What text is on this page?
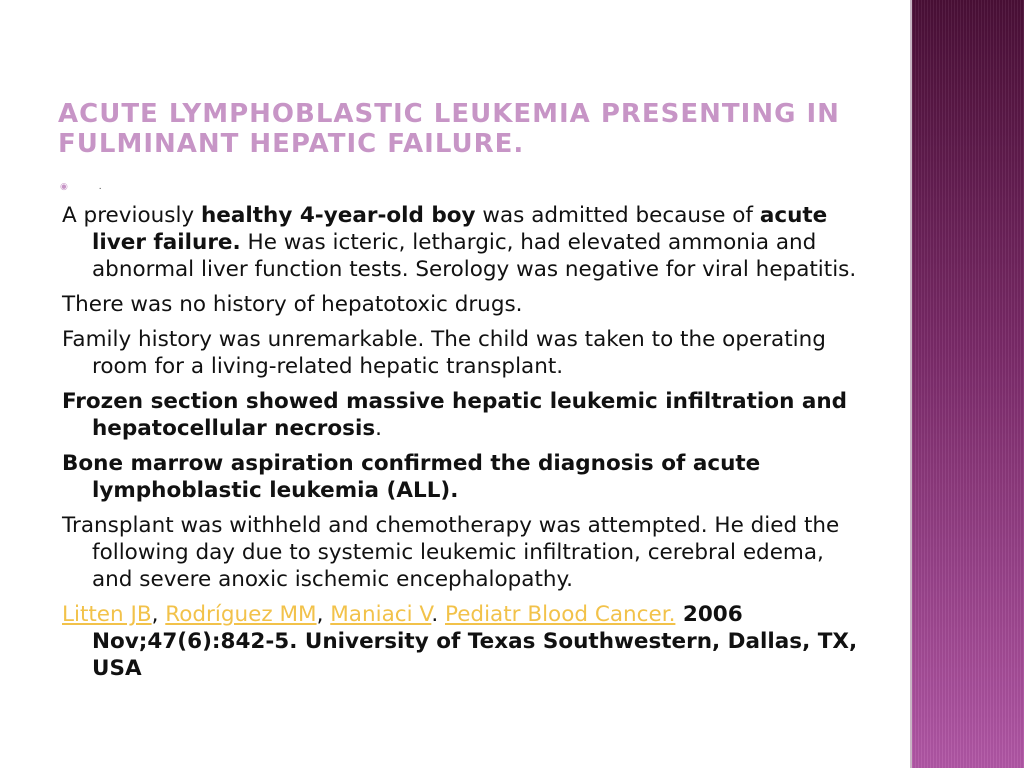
ACUTE LYMPHOBLASTIC LEUKEMIA PRESENTING IN
FULMINANT HEPATIC FAILURE.
◉	.

A previously healthy 4-year-old boy was admitted because of acute liver failure. He was icteric, lethargic, had elevated ammonia and abnormal liver function tests. Serology was negative for viral hepatitis.

There was no history of hepatotoxic drugs.

Family history was unremarkable. The child was taken to the operating room for a living-related hepatic transplant.

Frozen section showed massive hepatic leukemic infiltration and hepatocellular necrosis.

Bone marrow aspiration confirmed the diagnosis of acute lymphoblastic leukemia (ALL).

Transplant was withheld and chemotherapy was attempted. He died the following day due to systemic leukemic infiltration, cerebral edema, and severe anoxic ischemic encephalopathy.

Litten JB, Rodríguez MM, Maniaci V. Pediatr Blood Cancer. 2006 Nov;47(6):842-5. University of Texas Southwestern, Dallas, TX, USA
